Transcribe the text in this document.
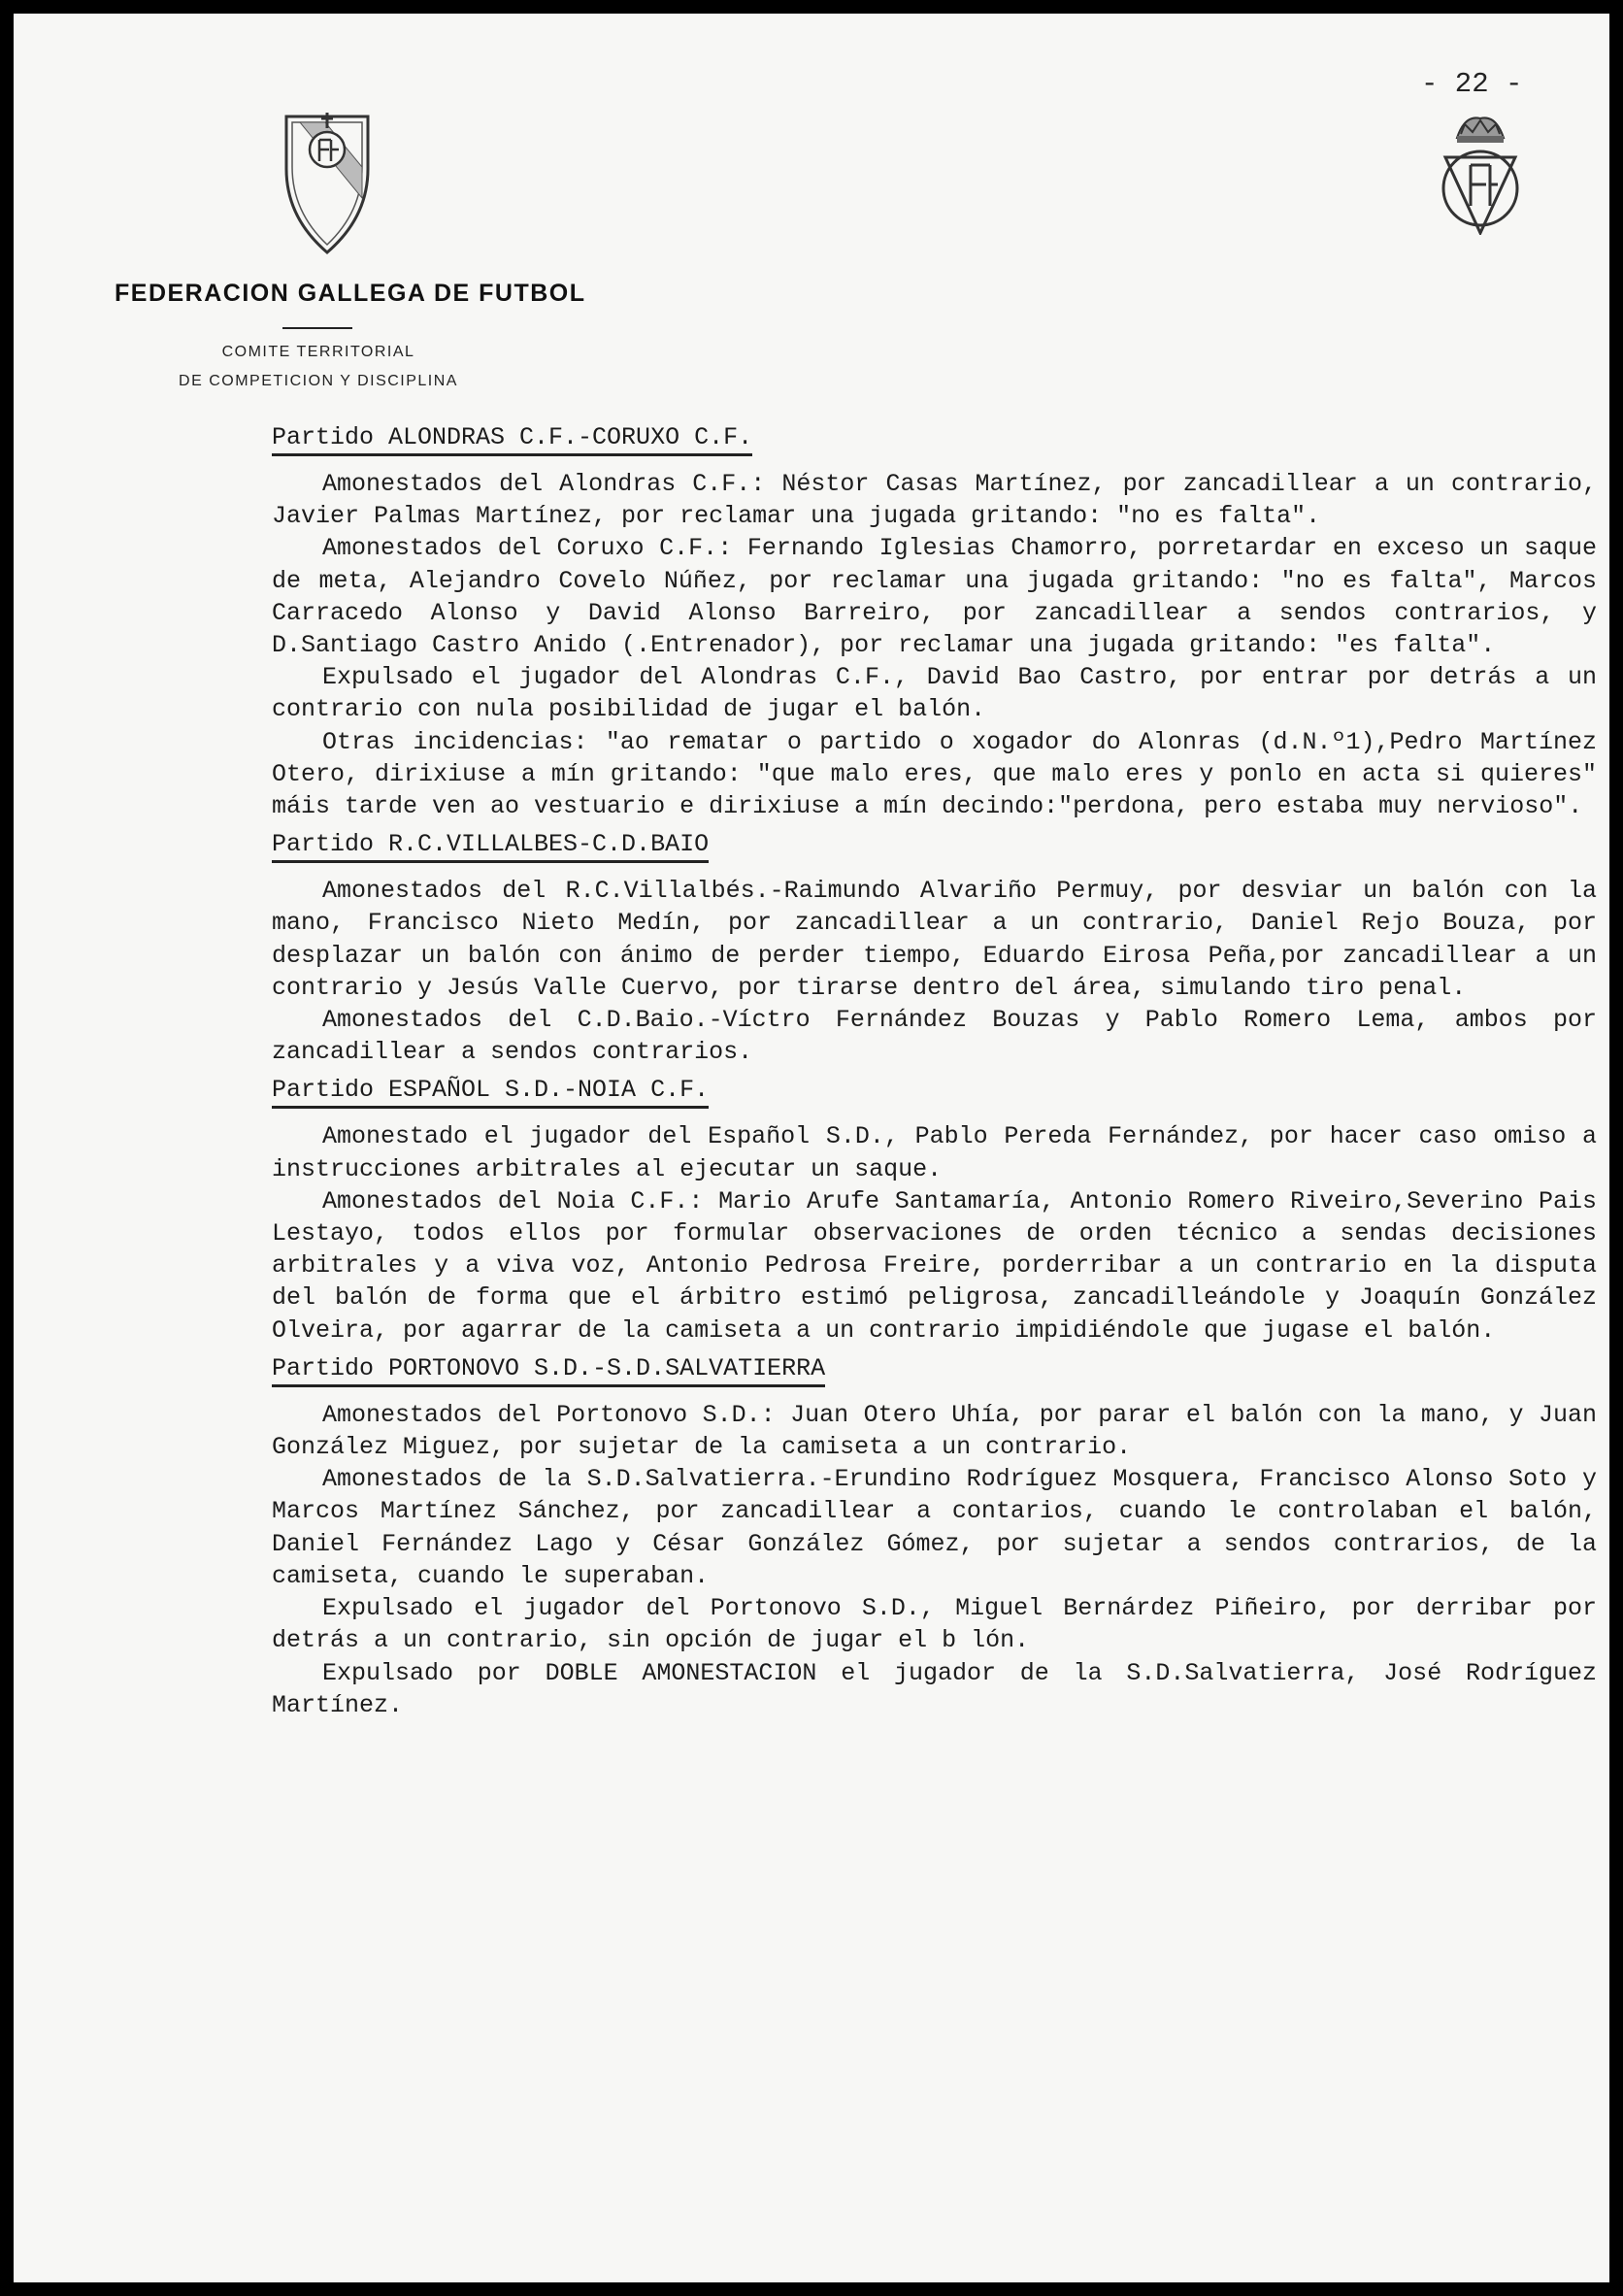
- 22 -
FEDERACION GALLEGA DE FUTBOL
COMITE TERRITORIAL
DE COMPETICION Y DISCIPLINA
Partido ALONDRAS C.F.-CORUXO C.F.

Amonestados del Alondras C.F.: Néstor Casas Martínez, por zancadillear a un contrario, Javier Palmas Martínez, por reclamar una jugada gritando: "no es falta".

Amonestados del Coruxo C.F.: Fernando Iglesias Chamorro, porretardar en exceso un saque de meta, Alejandro Covelo Núñez, por reclamar una jugada gritando: "no es falta", Marcos Carracedo Alonso y David Alonso Barreiro, por zancadillear a sendos contrarios, y D.Santiago Castro Anido (.Entrenador), por reclamar una jugada gritando: "es falta".

Expulsado el jugador del Alondras C.F., David Bao Castro, por entrar por detrás a un contrario con nula posibilidad de jugar el balón.

Otras incidencias: "ao rematar o partido o xogador do Alonras (d.N.º1),Pedro Martínez Otero, dirixiuse a mín gritando: "que malo eres, que malo eres y ponlo en acta si quieres" máis tarde ven ao vestuario e dirixiuse a mín decindo:"perdona, pero estaba muy nervioso".

Partido R.C.VILLALBES-C.D.BAIO

Amonestados del R.C.Villalbés.-Raimundo Alvariño Permuy, por desviar un balón con la mano, Francisco Nieto Medín, por zancadillear a un contrario, Daniel Rejo Bouza, por desplazar un balón con ánimo de perder tiempo, Eduardo Eirosa Peña,por zancadillear a un contrario y Jesús Valle Cuervo, por tirarse dentro del área, simulando tiro penal.

Amonestados del C.D.Baio.-Víctro Fernández Bouzas y Pablo Romero Lema, ambos por zancadillear a sendos contrarios.

Partido ESPAÑOL S.D.-NOIA C.F.

Amonestado el jugador del Español S.D., Pablo Pereda Fernández, por hacer caso omiso a instrucciones arbitrales al ejecutar un saque.

Amonestados del Noia C.F.: Mario Arufe Santamaría, Antonio Romero Riveiro,Severino Pais Lestayo, todos ellos por formular observaciones de orden técnico a sendas decisiones arbitrales y a viva voz, Antonio Pedrosa Freire, porderribar a un contrario en la disputa del balón de forma que el árbitro estimó peligrosa, zancadilleándole y Joaquín González Olveira, por agarrar de la camiseta a un contrario impidiéndole que jugase el balón.

Partido PORTONOVO S.D.-S.D.SALVATIERRA

Amonestados del Portonovo S.D.: Juan Otero Uhía, por parar el balón con la mano, y Juan González Miguez, por sujetar de la camiseta a un contrario.

Amonestados de la S.D.Salvatierra.-Erundino Rodríguez Mosquera, Francisco Alonso Soto y Marcos Martínez Sánchez, por zancadillear a contarios, cuando le controlaban el balón, Daniel Fernández Lago y César González Gómez, por sujetar a sendos contrarios, de la camiseta, cuando le superaban.

Expulsado el jugador del Portonovo S.D., Miguel Bernárdez Piñeiro, por derribar por detrás a un contrario, sin opción de jugar el b lón.

Expulsado por DOBLE AMONESTACION el jugador de la S.D.Salvatierra, José Rodríguez Martínez.
